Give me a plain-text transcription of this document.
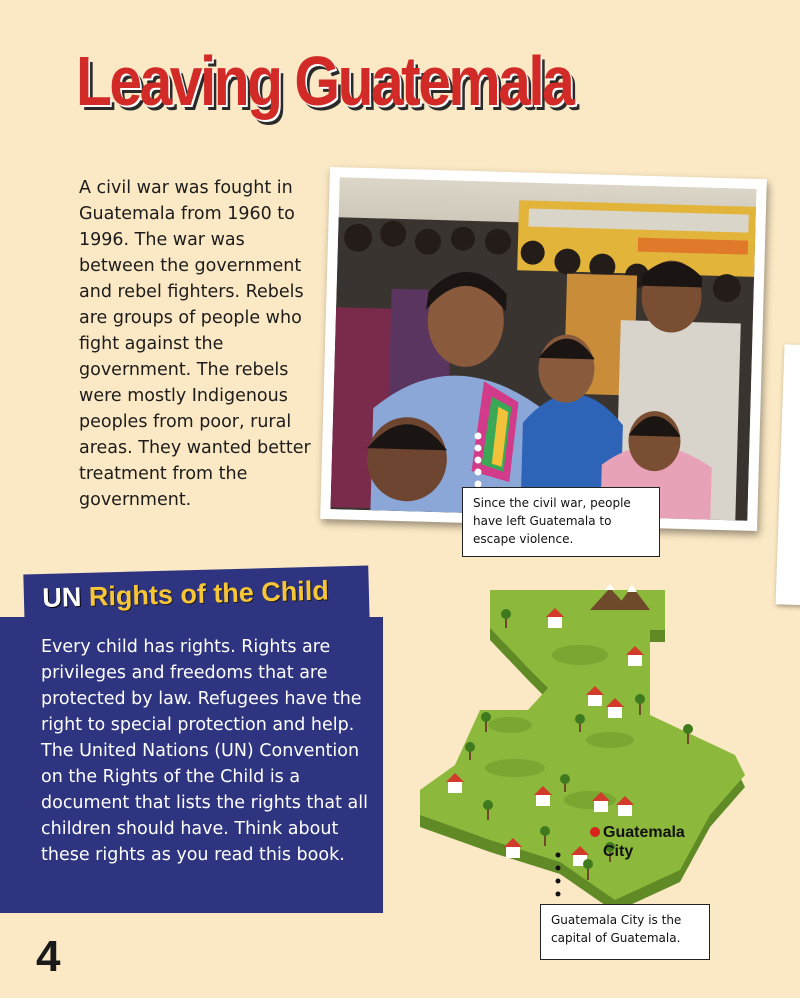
Leaving Guatemala
A civil war was fought in Guatemala from 1960 to 1996. The war was between the government and rebel fighters. Rebels are groups of people who fight against the government. The rebels were mostly Indigenous peoples from poor, rural areas. They wanted better treatment from the government.	Since the civil war, people have left Guatemala to escape violence.
UN Rights of the Child
Every child has rights. Rights are privileges and freedoms that are protected by law. Refugees have the right to special protection and help. The United Nations (UN) Convention on the Rights of the Child is a document that lists the rights that all children should have. Think about these rights as you read this book.
4
Guatemala City
Guatemala City is the capital of Guatemala.
